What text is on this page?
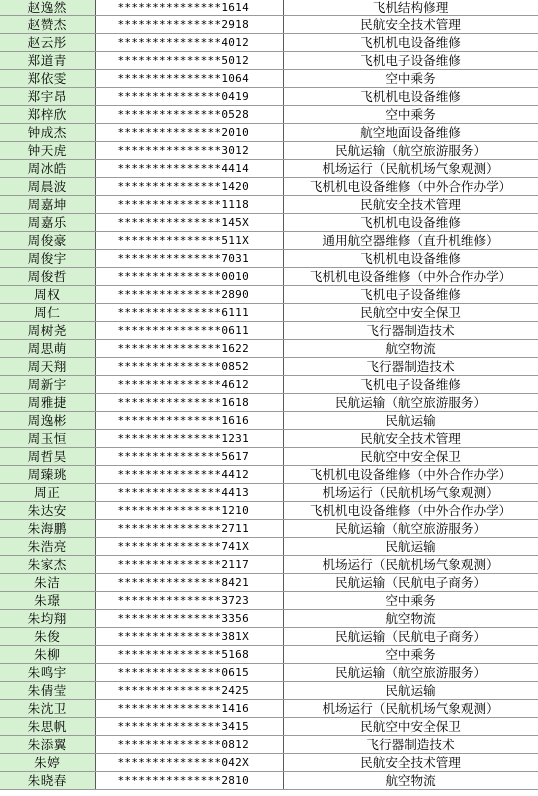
赵逸然	***************1614	飞机结构修理
赵赞杰	***************2918	民航安全技术管理
赵云彤	***************4012	飞机机电设备维修
郑道青	***************5012	飞机电子设备维修
郑依雯	***************1064	空中乘务
郑宇昂	***************0419	飞机机电设备维修
郑梓欣	***************0528	空中乘务
钟成杰	***************2010	航空地面设备维修
钟天虎	***************3012	民航运输（航空旅游服务）
周冰皓	***************4414	机场运行（民航机场气象观测）
周晨波	***************1420	飞机机电设备维修（中外合作办学）
周嘉坤	***************1118	民航安全技术管理
周嘉乐	***************145X	飞机机电设备维修
周俊豪	***************511X	通用航空器维修（直升机维修）
周俊宇	***************7031	飞机机电设备维修
周俊哲	***************0010	飞机机电设备维修（中外合作办学）
周权	***************2890	飞机电子设备维修
周仁	***************6111	民航空中安全保卫
周树尧	***************0611	飞行器制造技术
周思萌	***************1622	航空物流
周天翔	***************0852	飞行器制造技术
周新宇	***************4612	飞机电子设备维修
周雅捷	***************1618	民航运输（航空旅游服务）
周逸彬	***************1616	民航运输
周玉恒	***************1231	民航安全技术管理
周哲昊	***************5617	民航空中安全保卫
周臻珧	***************4412	飞机机电设备维修（中外合作办学）
周正	***************4413	机场运行（民航机场气象观测）
朱达安	***************1210	飞机机电设备维修（中外合作办学）
朱海鹏	***************2711	民航运输（航空旅游服务）
朱浩亮	***************741X	民航运输
朱家杰	***************2117	机场运行（民航机场气象观测）
朱洁	***************8421	民航运输（民航电子商务）
朱璟	***************3723	空中乘务
朱均翔	***************3356	航空物流
朱俊	***************381X	民航运输（民航电子商务）
朱柳	***************5168	空中乘务
朱鸣宇	***************0615	民航运输（航空旅游服务）
朱倩莹	***************2425	民航运输
朱沈卫	***************1416	机场运行（民航机场气象观测）
朱思帆	***************3415	民航空中安全保卫
朱添翼	***************0812	飞行器制造技术
朱婷	***************042X	民航安全技术管理
朱晓春	***************2810	航空物流
